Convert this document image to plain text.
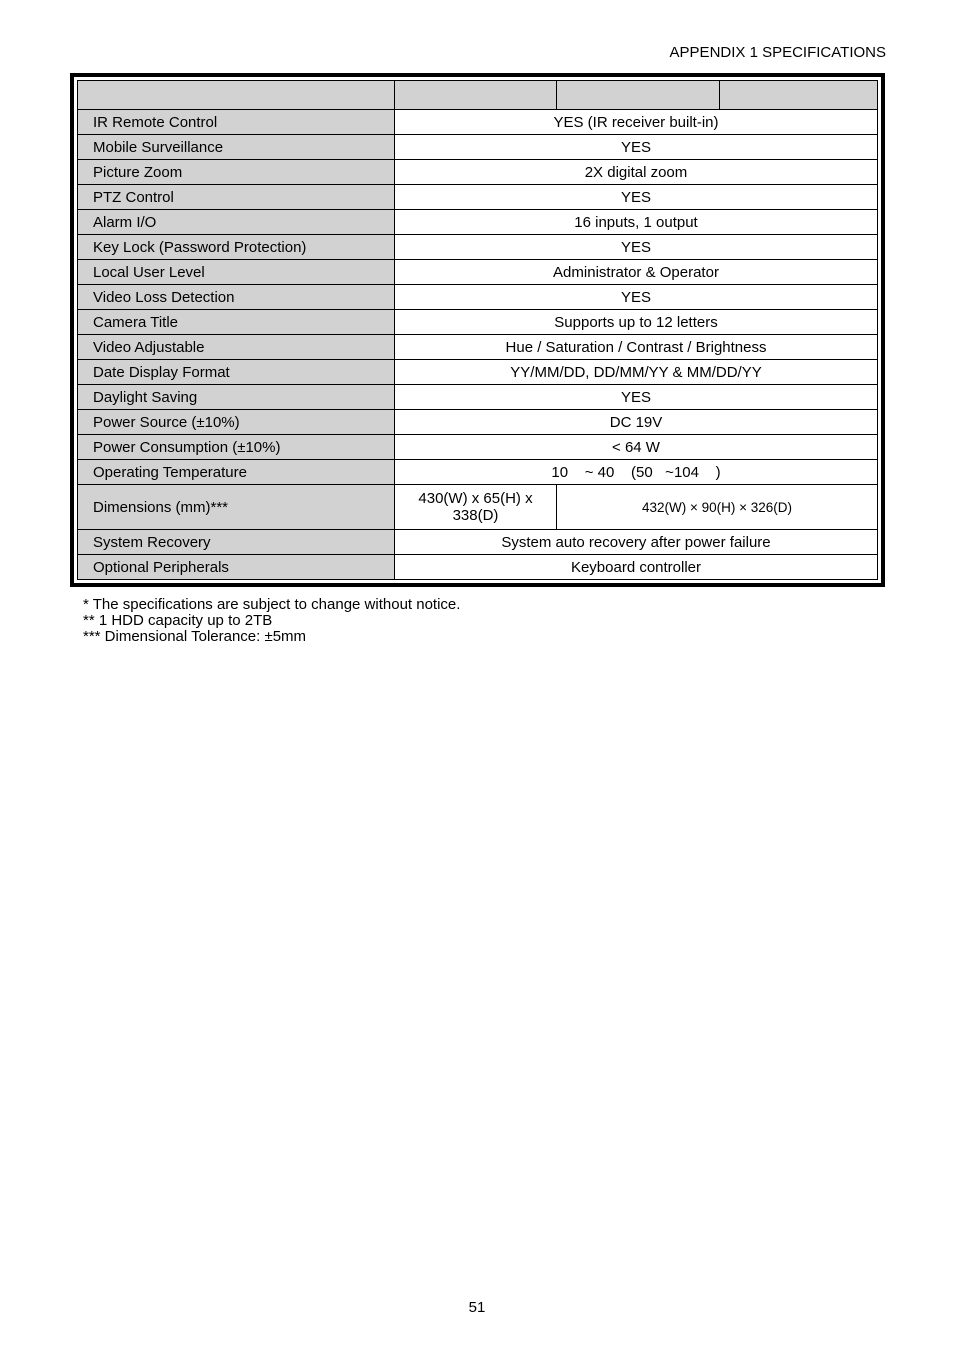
APPENDIX 1 SPECIFICATIONS

IR Remote Control	YES (IR receiver built-in)		
Mobile Surveillance	YES		
Picture Zoom	2X digital zoom		
PTZ Control	YES		
Alarm I/O	16 inputs, 1 output		
Key Lock (Password Protection)	YES		
Local User Level	Administrator & Operator		
Video Loss Detection	YES		
Camera Title	Supports up to 12 letters		
Video Adjustable	Hue / Saturation / Contrast / Brightness		
Date Display Format	YY/MM/DD, DD/MM/YY & MM/DD/YY		
Daylight Saving	YES		
Power Source (±10%)	DC 19V		
Power Consumption (±10%)	< 64 W		
Operating Temperature	10    ~ 40    (50   ~104    )		
Dimensions (mm)***	430(W) x 65(H) x 338(D)	432(W) × 90(H) × 326(D)	
System Recovery	System auto recovery after power failure		
Optional Peripherals	Keyboard controller		
* The specifications are subject to change without notice.
** 1 HDD capacity up to 2TB
*** Dimensional Tolerance: ±5mm
51
